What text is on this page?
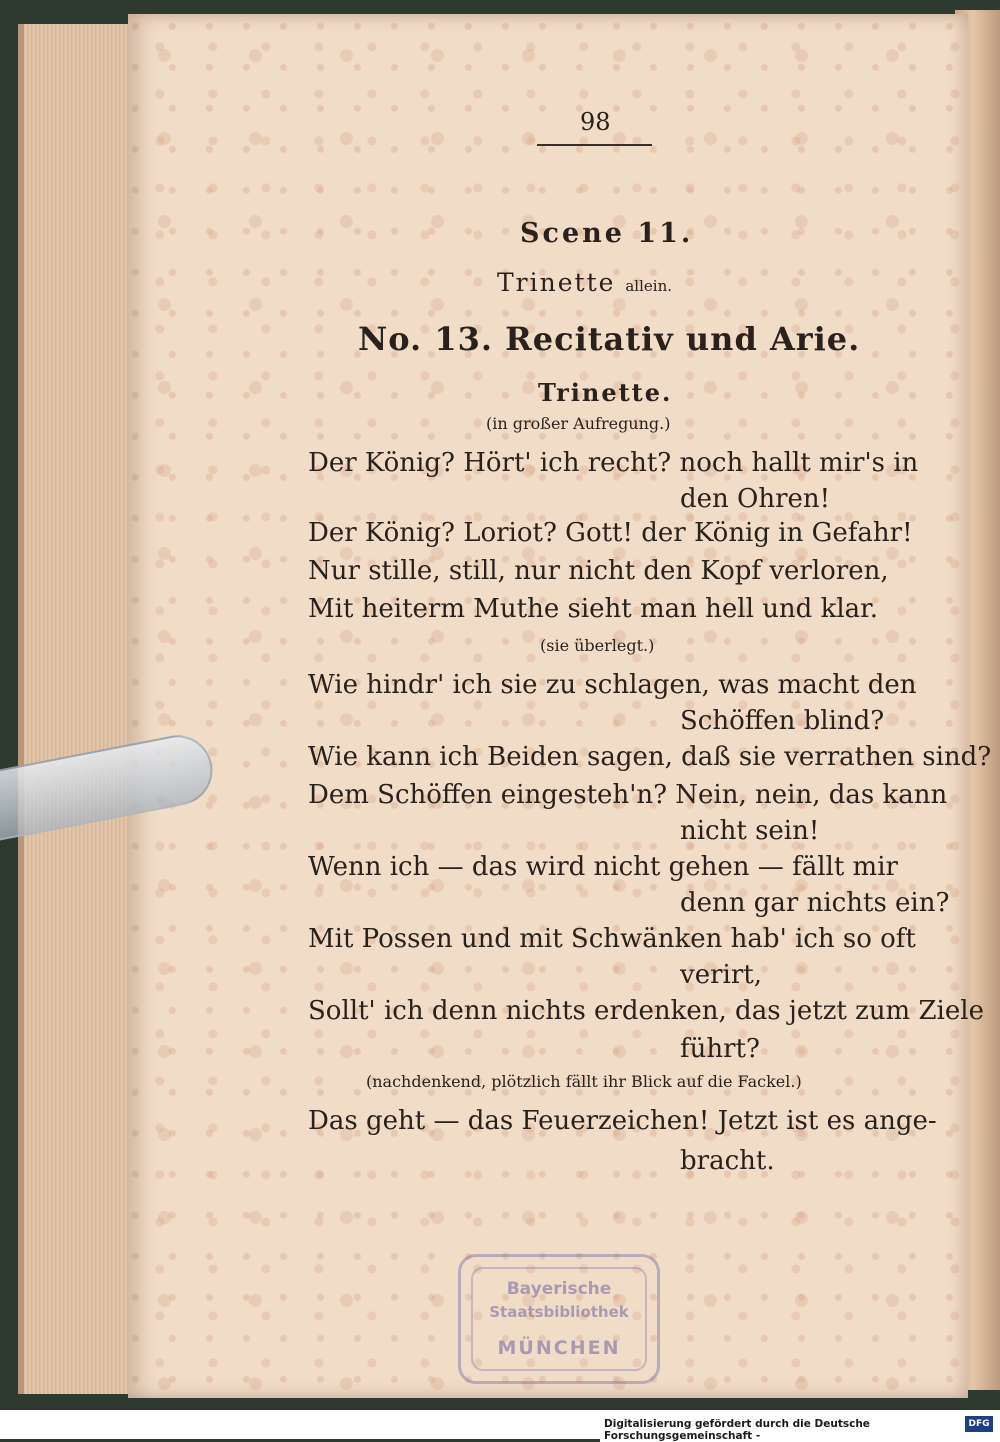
98
Scene 11.
Trinette allein.
No. 13. Recitativ und Arie.
Trinette.
(in großer Aufregung.)
Der König? Hört' ich recht? noch hallt mir's in
den Ohren!
Der König? Loriot? Gott! der König in Gefahr!
Nur stille, still, nur nicht den Kopf verloren,
Mit heiterm Muthe sieht man hell und klar.
(sie überlegt.)
Wie hindr' ich sie zu schlagen, was macht den
Schöffen blind?
Wie kann ich Beiden sagen, daß sie verrathen sind?
Dem Schöffen eingesteh'n? Nein, nein, das kann
nicht sein!
Wenn ich — das wird nicht gehen — fällt mir
denn gar nichts ein?
Mit Possen und mit Schwänken hab' ich so oft
verirt,
Sollt' ich denn nichts erdenken, das jetzt zum Ziele
führt?
(nachdenkend, plötzlich fällt ihr Blick auf die Fackel.)
Das geht — das Feuerzeichen! Jetzt ist es ange-
bracht.
Bayerische
Staatsbibliothek
MÜNCHEN
Digitalisierung gefördert durch die Deutsche Forschungsgemeinschaft -
DFG
